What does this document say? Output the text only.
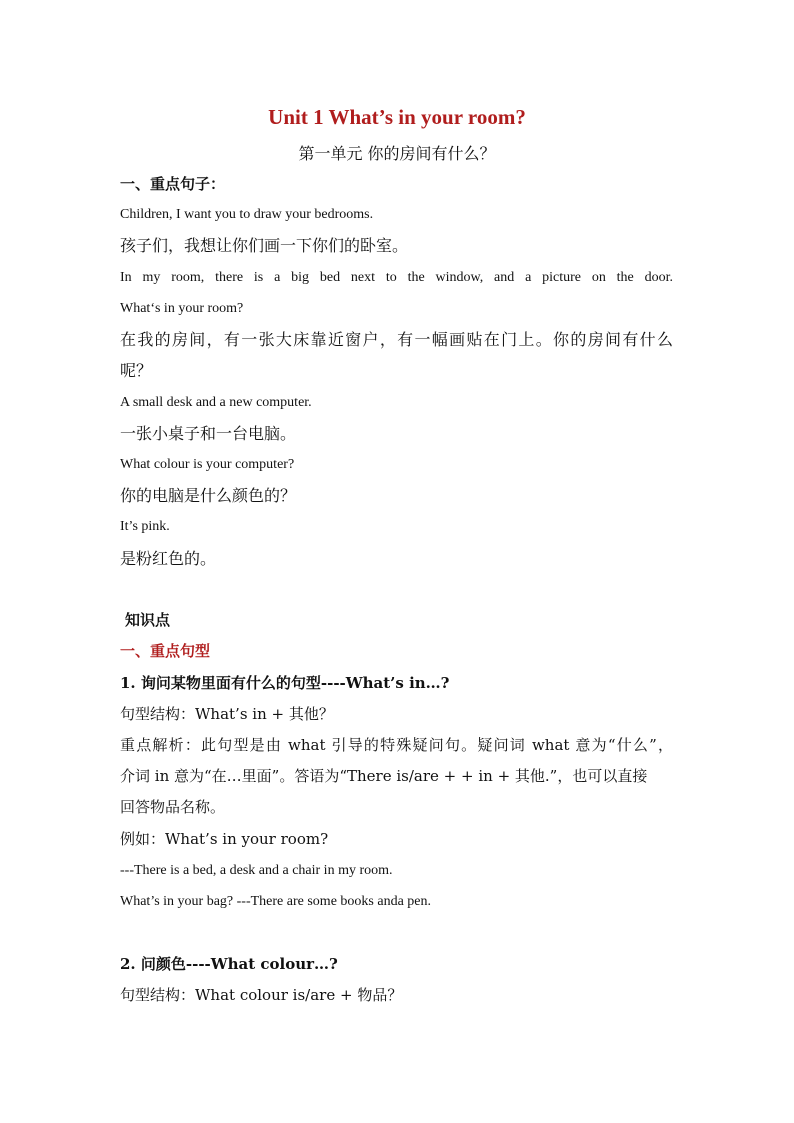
Unit 1 What’s in your room?
第一单元 你的房间有什么？
一、重点句子：
Children, I want you to draw your bedrooms.
孩子们，我想让你们画一下你们的卧室。
In my room, there is a big bed next to the window, and a picture on the door.
What‘s in your room?
在我的房间，有一张大床靠近窗户，有一幅画贴在门上。你的房间有什么
呢？
A small desk and a new computer.
一张小桌子和一台电脑。
What colour is your computer?
你的电脑是什么颜色的？
It’s pink.
是粉红色的。
知识点
一、重点句型
1. 询问某物里面有什么的句型----What’s in…?
句型结构：What’s in + 其他？
重点解析：此句型是由 what 引导的特殊疑问句。疑问词 what 意为“什么”，
介词 in 意为“在…里面”。答语为“There is/are + + in + 其他.”，也可以直接
回答物品名称。
例如：What’s in your room?
---There is a bed, a desk and a chair in my room.
What’s in your bag? ---There are some books anda pen.
2. 问颜色----What colour…?
句型结构：What colour is/are + 物品？
